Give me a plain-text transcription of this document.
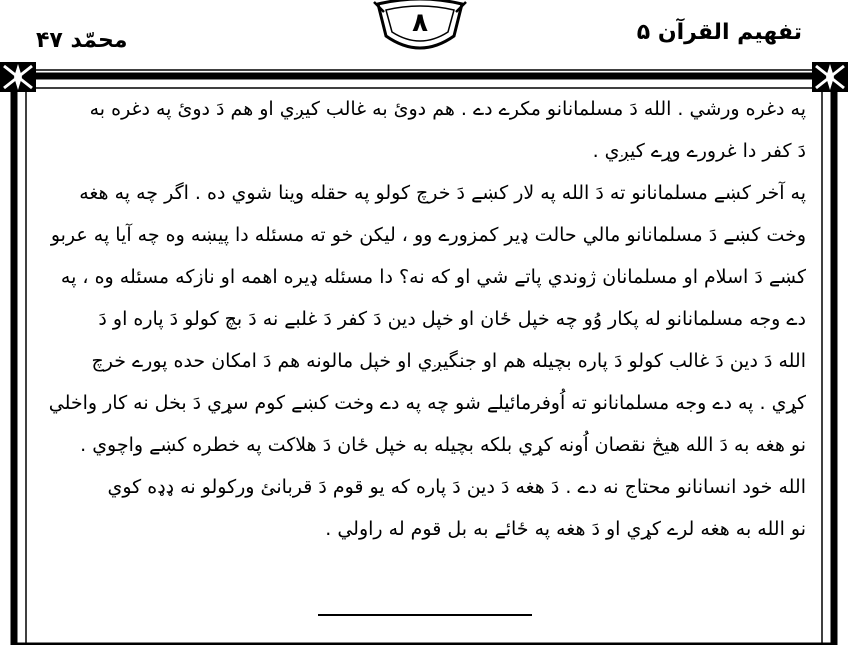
محمّد ۴۷
٨	تفهيم القرآن ۵

په دغره ورشي . الله دَ مسلمانانو مکرے دے . هم دوئ به غالب کيږي او هم دَ دوئ په دغره به
دَ کفر دا غرورے وړے کيږي .

په آخر کښے مسلمانانو ته دَ الله په لار کښے دَ خرچ کولو په حقله وينا شوي ده . اگر چه په هغه
وخت کښے دَ مسلمانانو مالي حالت ډير کمزورے وو ، ليکن خو ته مسئله دا پيښه وه چه آيا په عربو
کښے دَ اسلام او مسلمانان ژوندي پاتے شي او که نه؟ دا مسئله ډيره اهمه او نازکه مسئله وه ، په
دے وجه مسلمانانو له پکار وُو چه خپل ځان او خپل دين دَ کفر دَ غلبے نه دَ بچ کولو دَ پاره او دَ
الله دَ دين دَ غالب کولو دَ پاره بچيله هم او جنگيږي او خپل مالونه هم دَ امکان حده پورے خرچ
کړي . په دے وجه مسلمانانو ته اُوفرمائيلے شو چه په دے وخت کښے کوم سړي دَ بخل نه کار واخلي
نو هغه به دَ الله هيڅ نقصان اُونه کړي بلکه بچيله به خپل ځان دَ هلاکت په خطره کښے واچوي .
الله خود انسانانو محتاج نه دے . دَ هغه دَ دين دَ پاره که يو قوم دَ قربانئ ورکولو نه ډډه کوي
نو الله به هغه لرے کړي او دَ هغه په ځائے به بل قوم له راولي .
